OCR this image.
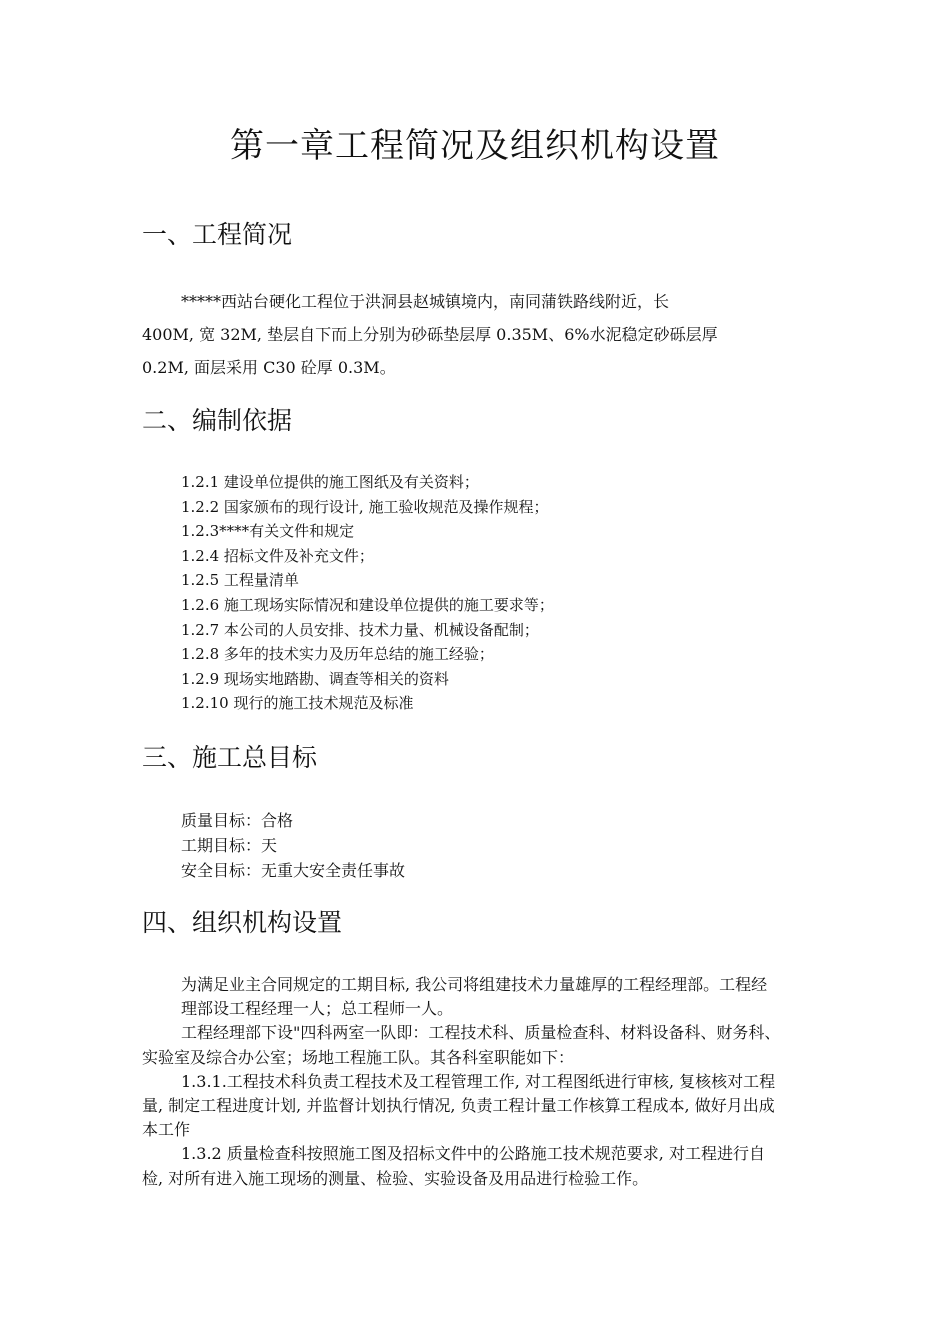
第一章工程简况及组织机构设置
一、工程简况
*****西站台硬化工程位于洪洞县赵城镇境内，南同蒲铁路线附近，长
400M, 宽 32M, 垫层自下而上分别为砂砾垫层厚 0.35M、6%水泥稳定砂砾层厚
0.2M, 面层采用 C30 砼厚 0.3M。
二、编制依据
1.2.1 建设单位提供的施工图纸及有关资料；
1.2.2 国家颁布的现行设计, 施工验收规范及操作规程；
1.2.3****有关文件和规定
1.2.4 招标文件及补充文件；
1.2.5 工程量清单
1.2.6 施工现场实际情况和建设单位提供的施工要求等；
1.2.7 本公司的人员安排、技术力量、机械设备配制；
1.2.8 多年的技术实力及历年总结的施工经验；
1.2.9 现场实地踏勘、调查等相关的资料
1.2.10 现行的施工技术规范及标准
三、施工总目标
质量目标：合格
工期目标：天
安全目标：无重大安全责任事故
四、组织机构设置
为满足业主合同规定的工期目标, 我公司将组建技术力量雄厚的工程经理部。工程经
理部设工程经理一人；总工程师一人。
工程经理部下设"四科两室一队即：工程技术科、质量检查科、材料设备科、财务科、
实验室及综合办公室；场地工程施工队。其各科室职能如下：
1.3.1.工程技术科负责工程技术及工程管理工作, 对工程图纸进行审核, 复核核对工程
量, 制定工程进度计划, 并监督计划执行情况, 负责工程计量工作核算工程成本, 做好月出成
本工作
1.3.2 质量检查科按照施工图及招标文件中的公路施工技术规范要求, 对工程进行自
检, 对所有进入施工现场的测量、检验、实验设备及用品进行检验工作。
